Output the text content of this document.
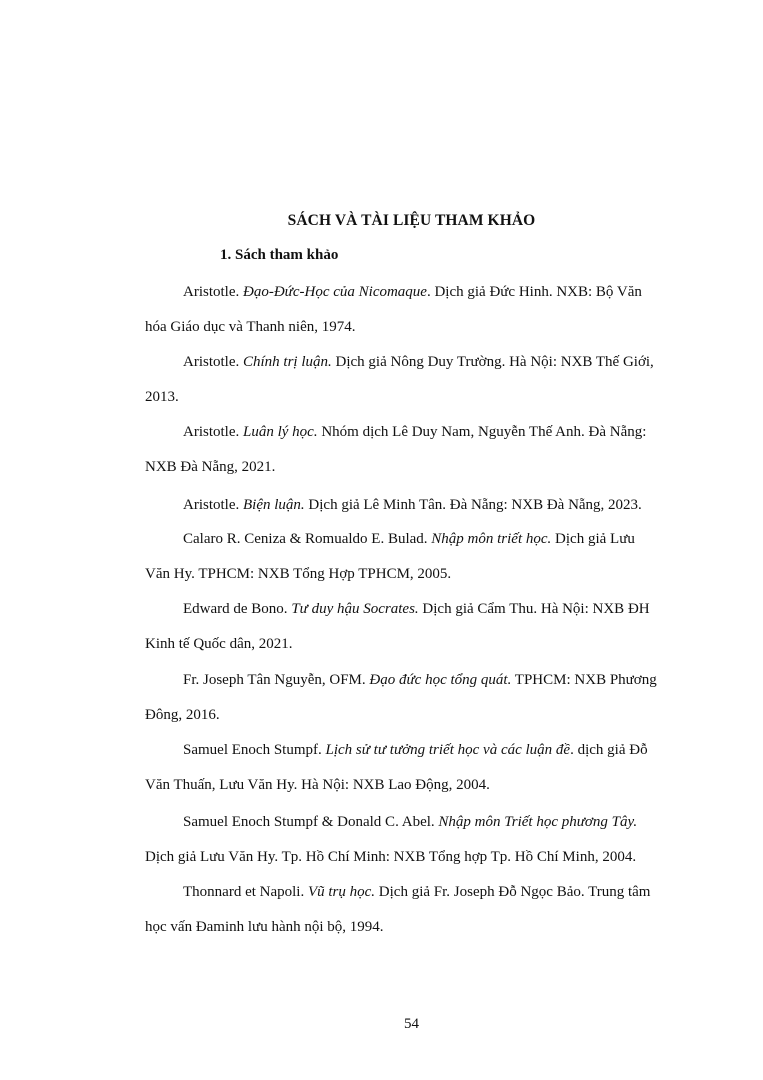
SÁCH VÀ TÀI LIỆU THAM KHẢO
1. Sách tham khảo
Aristotle. Đạo-Đức-Học của Nicomaque. Dịch giả Đức Hinh. NXB: Bộ Văn
hóa Giáo dục và Thanh niên, 1974.
Aristotle. Chính trị luận. Dịch giả Nông Duy Trường. Hà Nội: NXB Thế Giới,
2013.
Aristotle. Luân lý học. Nhóm dịch Lê Duy Nam, Nguyễn Thế Anh. Đà Nẵng:
NXB Đà Nẵng, 2021.
Aristotle. Biện luận. Dịch giả Lê Minh Tân. Đà Nẵng: NXB Đà Nẵng, 2023.
Calaro R. Ceniza & Romualdo E. Bulad. Nhập môn triết học. Dịch giả Lưu
Văn Hy. TPHCM: NXB Tổng Hợp TPHCM, 2005.
Edward de Bono. Tư duy hậu Socrates. Dịch giả Cẩm Thu. Hà Nội: NXB ĐH
Kinh tế Quốc dân, 2021.
Fr. Joseph Tân Nguyễn, OFM. Đạo đức học tổng quát. TPHCM: NXB Phương
Đông, 2016.
Samuel Enoch Stumpf. Lịch sử tư tưởng triết học và các luận đề. dịch giả Đỗ
Văn Thuấn, Lưu Văn Hy. Hà Nội: NXB Lao Động, 2004.
Samuel Enoch Stumpf & Donald C. Abel. Nhập môn Triết học phương Tây.
Dịch giả Lưu Văn Hy. Tp. Hồ Chí Minh: NXB Tổng hợp Tp. Hồ Chí Minh, 2004.
Thonnard et Napoli. Vũ trụ học. Dịch giả Fr. Joseph Đỗ Ngọc Bảo. Trung tâm
học vấn Đaminh lưu hành nội bộ, 1994.
54
